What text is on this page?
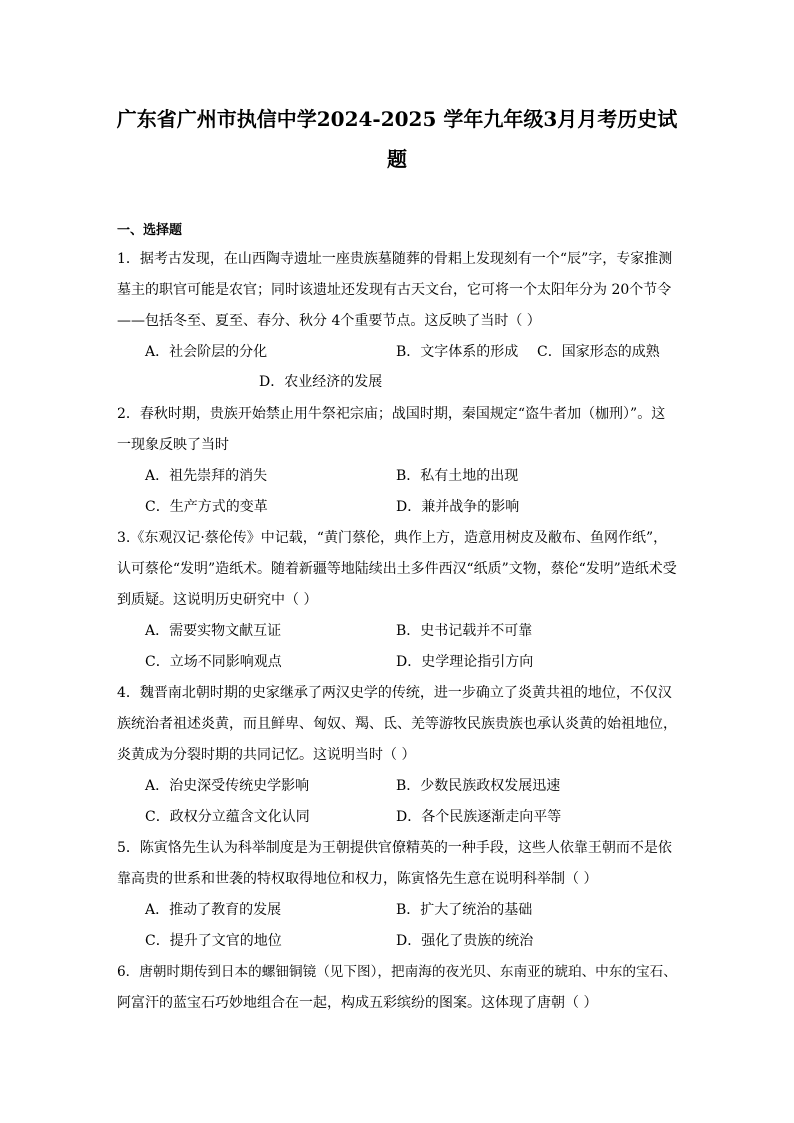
广东省广州市执信中学2024-2025 学年九年级3月月考历史试
题
一、选择题
1．据考古发现，在山西陶寺遗址一座贵族墓随葬的骨耜上发现刻有一个“辰”字，专家推测
墓主的职官可能是农官；同时该遗址还发现有古天文台，它可将一个太阳年分为 20个节令
——包括冬至、夏至、春分、秋分 4个重要节点。这反映了当时（ ）
A．社会阶层的分化	B．文字体系的形成 C．国家形态的成熟
D．农业经济的发展
2．春秋时期，贵族开始禁止用牛祭祀宗庙；战国时期，秦国规定“盗牛者加（枷刑）”。这
一现象反映了当时
A．祖先崇拜的消失	B．私有土地的出现
C．生产方式的变革	D．兼并战争的影响
3.《东观汉记·蔡伦传》中记载，“黄门蔡伦，典作上方，造意用树皮及敝布、鱼网作纸”，
认可蔡伦“发明”造纸术。随着新疆等地陆续出土多件西汉“纸质”文物，蔡伦“发明”造纸术受
到质疑。这说明历史研究中（ ）
A．需要实物文献互证	B．史书记载并不可靠
C．立场不同影响观点	D．史学理论指引方向
4．魏晋南北朝时期的史家继承了两汉史学的传统，进一步确立了炎黄共祖的地位，不仅汉
族统治者祖述炎黄，而且鲜卑、匈奴、羯、氐、羌等游牧民族贵族也承认炎黄的始祖地位，
炎黄成为分裂时期的共同记忆。这说明当时（ ）
A．治史深受传统史学影响	B．少数民族政权发展迅速
C．政权分立蕴含文化认同	D．各个民族逐渐走向平等
5．陈寅恪先生认为科举制度是为王朝提供官僚精英的一种手段，这些人依靠王朝而不是依
靠高贵的世系和世袭的特权取得地位和权力，陈寅恪先生意在说明科举制（ ）
A．推动了教育的发展	B．扩大了统治的基础
C．提升了文官的地位	D．强化了贵族的统治
6．唐朝时期传到日本的螺钿铜镜（见下图），把南海的夜光贝、东南亚的琥珀、中东的宝石、
阿富汗的蓝宝石巧妙地组合在一起，构成五彩缤纷的图案。这体现了唐朝（ ）
